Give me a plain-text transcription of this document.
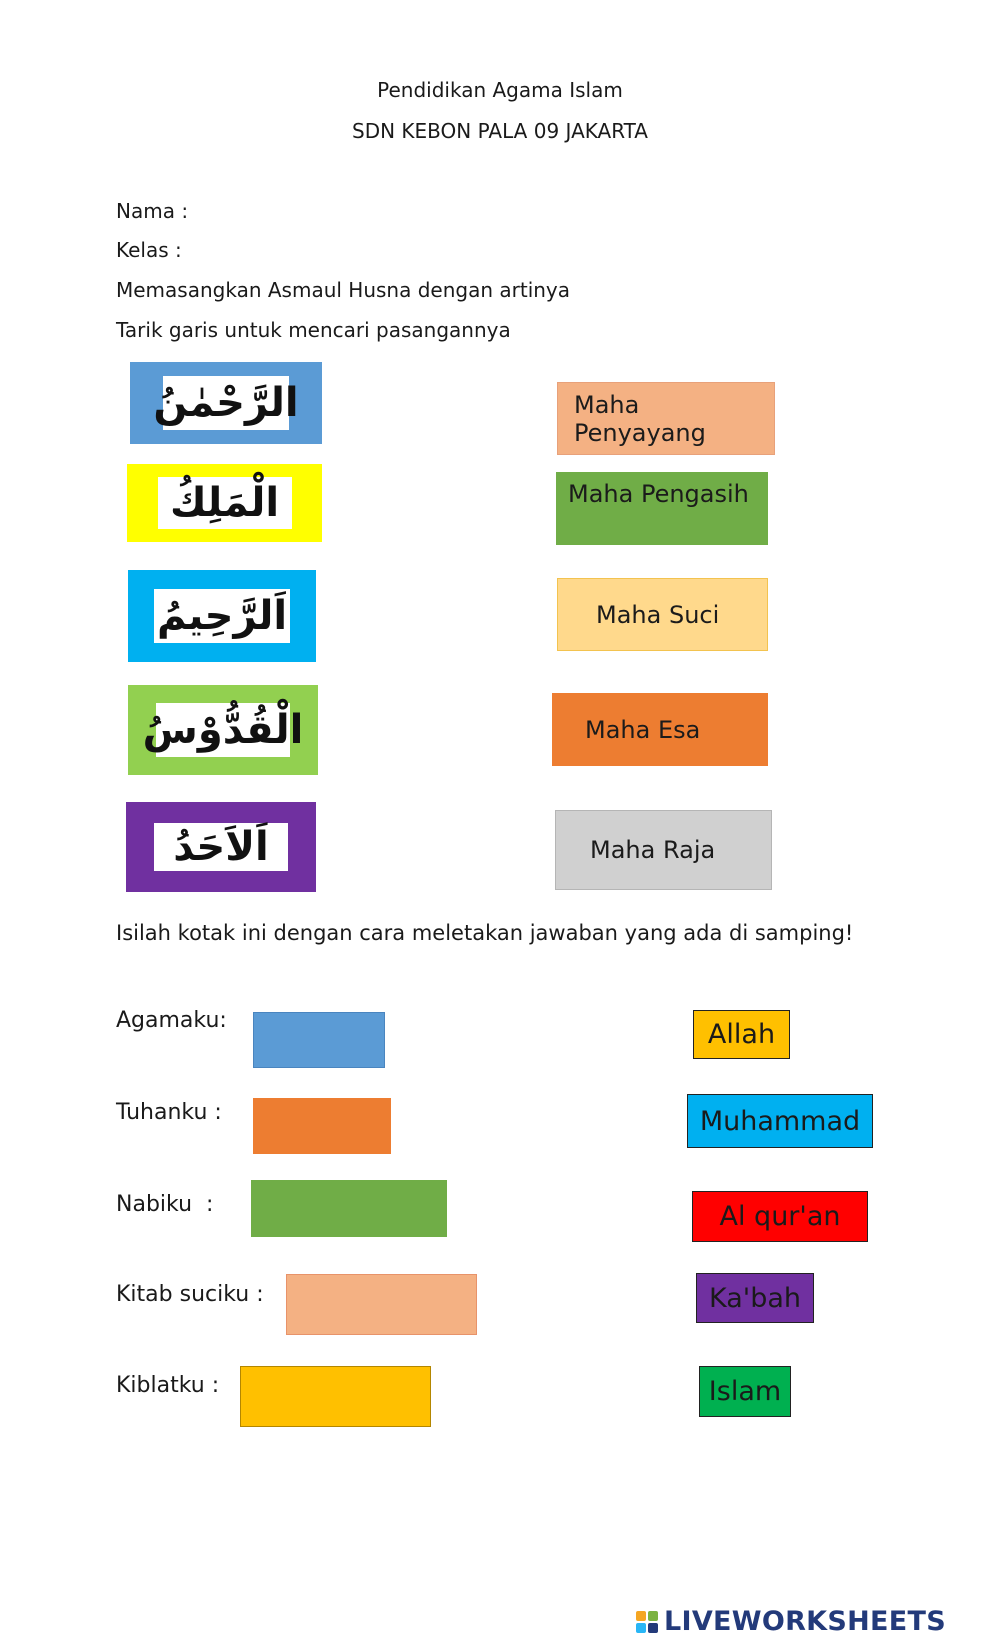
Pendidikan Agama Islam
SDN KEBON PALA 09 JAKARTA
Nama :
Kelas :
Memasangkan Asmaul Husna dengan artinya
Tarik garis untuk mencari pasangannya
الرَّحْمٰنُ
الْمَلِكُ
اَلرَّحِيمُ
الْقُدُّوْسُ
اَلاَحَدُ
Maha Penyayang
Maha Pengasih
Maha Suci
Maha Esa
Maha Raja
Isilah kotak ini dengan cara meletakan jawaban yang ada di samping!
Agamaku:
Tuhanku :
Nabiku  :
Kitab suciku :
Kiblatku :
Allah
Muhammad
Al qur'an
Ka'bah
Islam
LIVEWORKSHEETS
